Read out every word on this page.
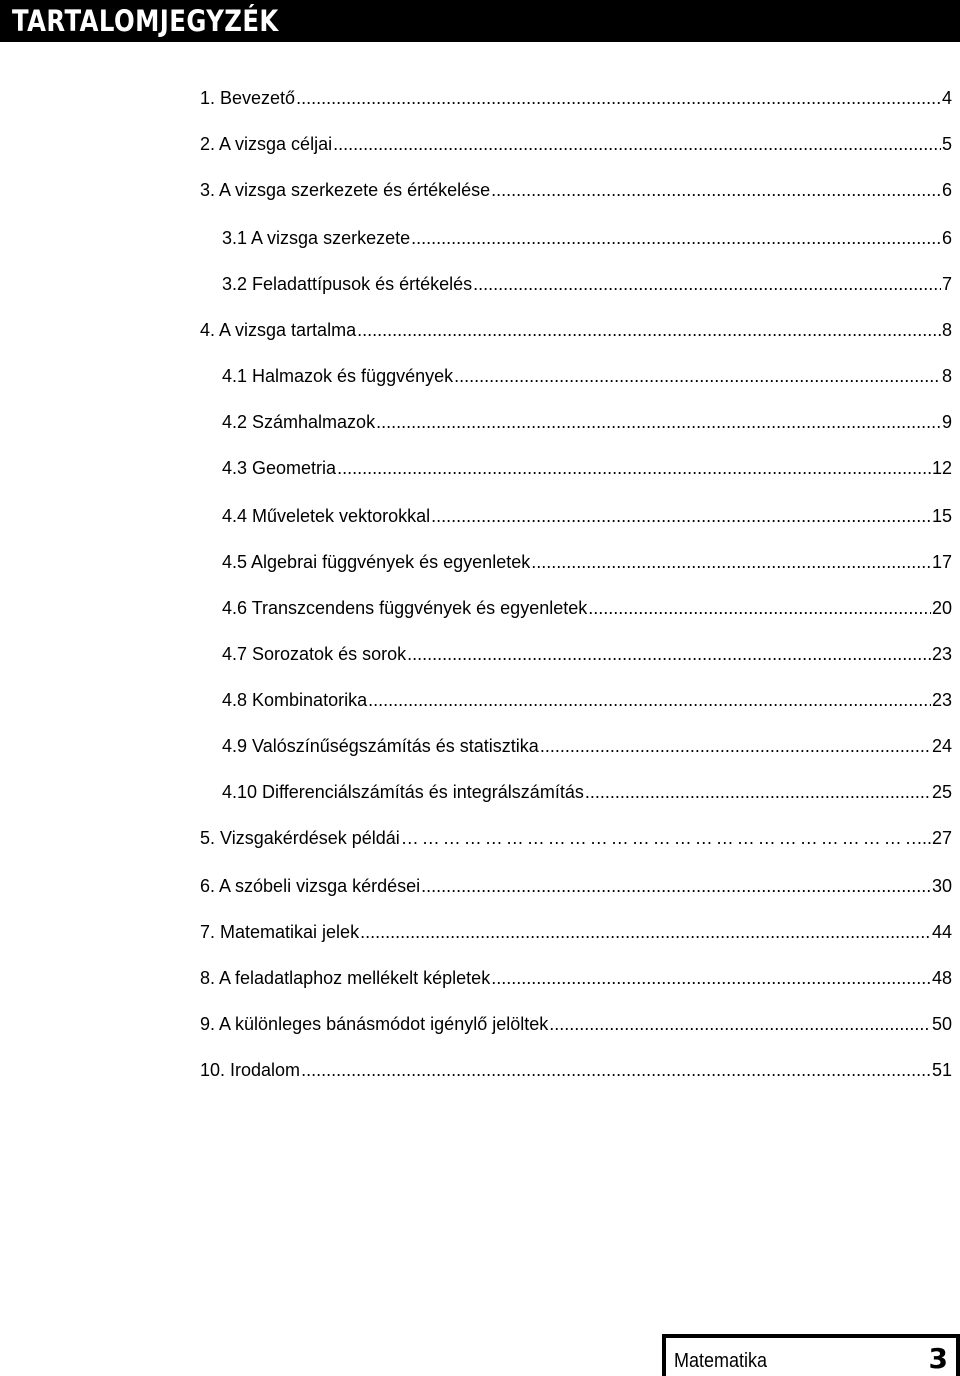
TARTALOMJEGYZÉK
1. Bevezető .....	4
2. A vizsga céljai .....	5
3. A vizsga szerkezete és értékelése .....	6
3.1 A vizsga szerkezete .....	6
3.2 Feladattípusok és értékelés .....	7
4. A vizsga tartalma .....	8
4.1 Halmazok és függvények .....	8
4.2 Számhalmazok .....	9
4.3 Geometria .....	12
4.4 Műveletek vektorokkal .....	15
4.5 Algebrai függvények és egyenletek .....	17
4.6 Transzcendens függvények és egyenletek .....	20
4.7 Sorozatok és sorok .....	23
4.8 Kombinatorika .....	23
4.9 Valószínűségszámítás és statisztika .....	24
4.10 Differenciálszámítás és integrálszámítás .....	25
5. Vizsgakérdések példái ……………………………………………………………………………………………………………………………………	..27
6. A szóbeli vizsga kérdései .....	30
7. Matematikai jelek .....	44
8. A feladatlaphoz mellékelt képletek .....	48
9. A különleges bánásmódot igénylő jelöltek .....	50
10. Irodalom .....	51
Matematika	3
